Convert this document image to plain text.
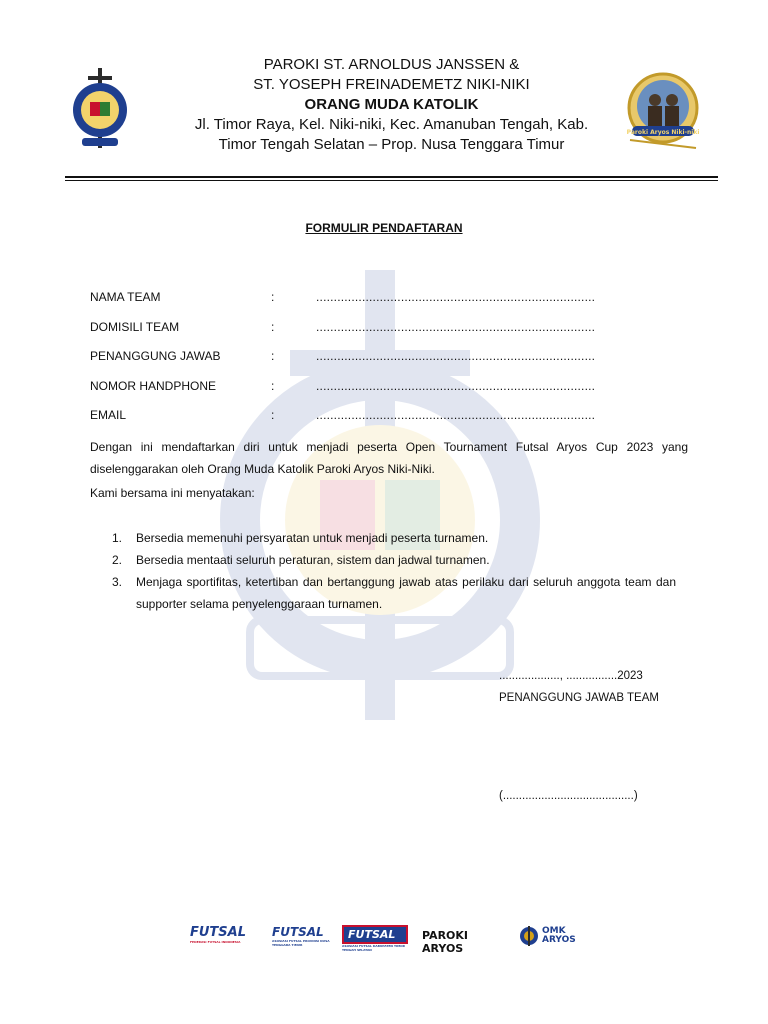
Paroki Aryos Niki-niki
PAROKI ST. ARNOLDUS JANSSEN &
ST. YOSEPH FREINADEMETZ NIKI-NIKI
ORANG MUDA KATOLIK
Jl. Timor Raya, Kel. Niki-niki, Kec. Amanuban Tengah, Kab.
Timor Tengah Selatan – Prop. Nusa Tenggara Timur
FORMULIR PENDAFTARAN
NAMA TEAM	:	...............................................................................
DOMISILI TEAM	:	...............................................................................
PENANGGUNG JAWAB	:	...............................................................................
NOMOR HANDPHONE	:	...............................................................................
EMAIL	:	...............................................................................
Dengan ini mendaftarkan diri untuk menjadi peserta Open Tournament Futsal Aryos Cup 2023 yang diselenggarakan oleh Orang Muda Katolik Paroki Aryos Niki-Niki.
Kami bersama ini menyatakan:
1. Bersedia memenuhi persyaratan untuk menjadi peserta turnamen.
2. Bersedia mentaati seluruh peraturan, sistem dan jadwal turnamen.
3. Menjaga sportifitas, ketertiban dan bertanggung jawab atas perilaku dari seluruh anggota team dan supporter selama penyelenggaraan turnamen.
..................., ................2023
PENANGGUNG JAWAB TEAM
(.........................................)
FUTSAL
FEDERASI FUTSAL INDONESIA
FUTSAL
ASOSIASI FUTSAL PROVINSI NUSA TENGGARA TIMUR
FUTSAL
ASOSIASI FUTSAL KABUPATEN TIMOR TENGAH SELATAN
PAROKI ARYOS
OMK ARYOS
